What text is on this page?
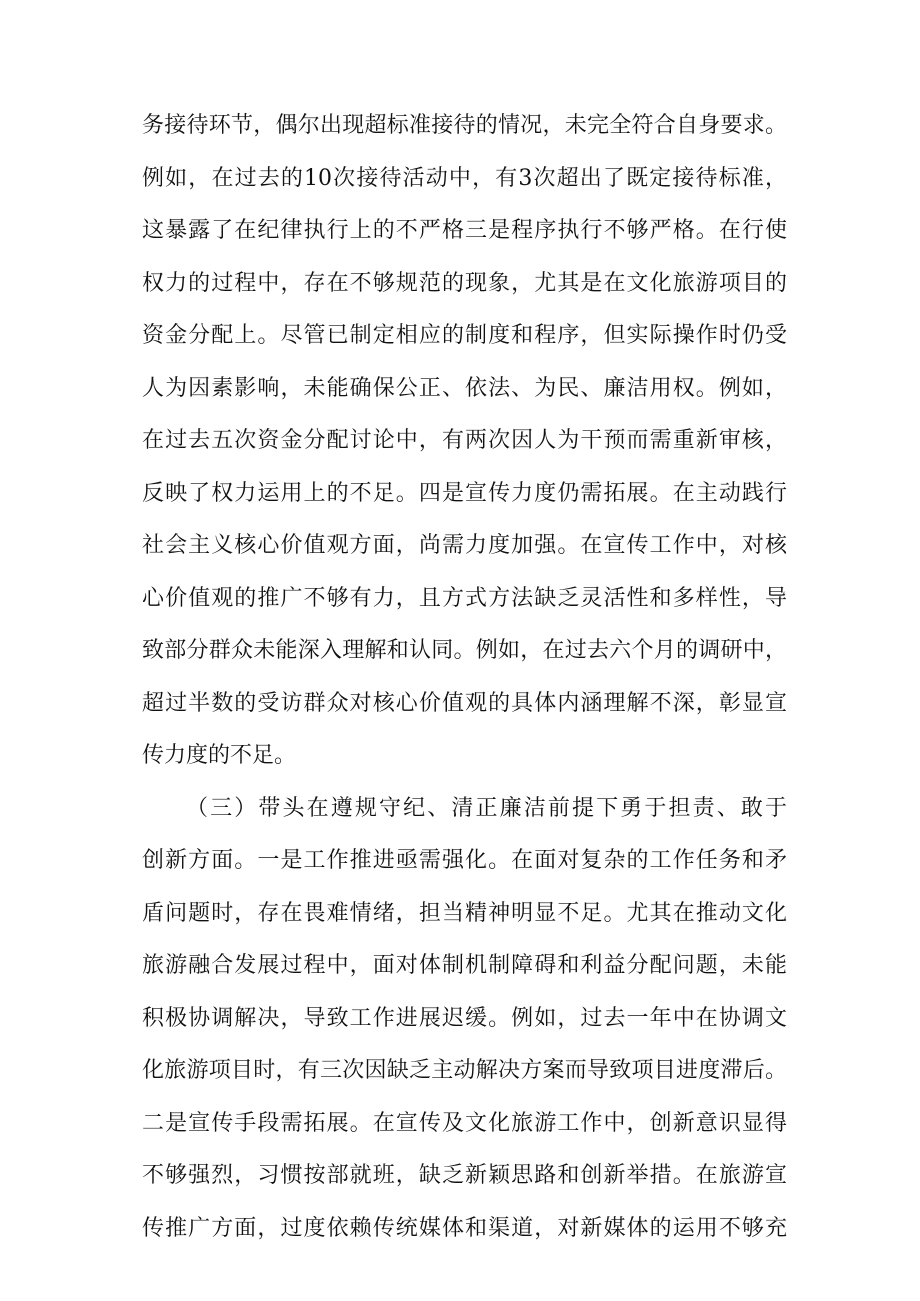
务接待环节，偶尔出现超标准接待的情况，未完全符合自身要求。
例如，在过去的10次接待活动中，有3次超出了既定接待标准，
这暴露了在纪律执行上的不严格三是程序执行不够严格。在行使
权力的过程中，存在不够规范的现象，尤其是在文化旅游项目的
资金分配上。尽管已制定相应的制度和程序，但实际操作时仍受
人为因素影响，未能确保公正、依法、为民、廉洁用权。例如，
在过去五次资金分配讨论中，有两次因人为干预而需重新审核，
反映了权力运用上的不足。四是宣传力度仍需拓展。在主动践行
社会主义核心价值观方面，尚需力度加强。在宣传工作中，对核
心价值观的推广不够有力，且方式方法缺乏灵活性和多样性，导
致部分群众未能深入理解和认同。例如，在过去六个月的调研中，
超过半数的受访群众对核心价值观的具体内涵理解不深，彰显宣
传力度的不足。
（三）带头在遵规守纪、清正廉洁前提下勇于担责、敢于
创新方面。一是工作推进亟需强化。在面对复杂的工作任务和矛
盾问题时，存在畏难情绪，担当精神明显不足。尤其在推动文化
旅游融合发展过程中，面对体制机制障碍和利益分配问题，未能
积极协调解决，导致工作进展迟缓。例如，过去一年中在协调文
化旅游项目时，有三次因缺乏主动解决方案而导致项目进度滞后。
二是宣传手段需拓展。在宣传及文化旅游工作中，创新意识显得
不够强烈，习惯按部就班，缺乏新颖思路和创新举措。在旅游宣
传推广方面，过度依赖传统媒体和渠道，对新媒体的运用不够充
